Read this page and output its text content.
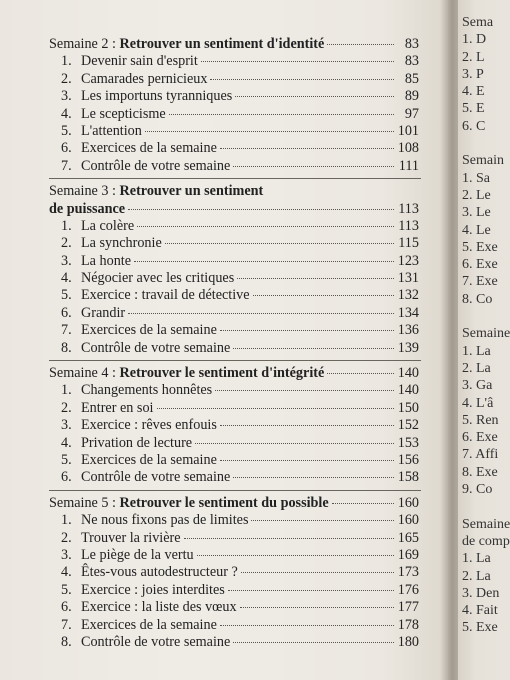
Semaine 2 : Retrouver un sentiment d'identité	83
1. Devenir sain d'esprit	83
2. Camarades pernicieux	85
3. Les importuns tyranniques	89
4. Le scepticisme	97
5. L'attention	101
6. Exercices de la semaine	108
7. Contrôle de votre semaine	111
Semaine 3 : Retrouver un sentiment
de puissance	113
1. La colère	113
2. La synchronie	115
3. La honte	123
4. Négocier avec les critiques	131
5. Exercice : travail de détective	132
6. Grandir	134
7. Exercices de la semaine	136
8. Contrôle de votre semaine	139
Semaine 4 : Retrouver le sentiment d'intégrité	140
1. Changements honnêtes	140
2. Entrer en soi	150
3. Exercice : rêves enfouis	152
4. Privation de lecture	153
5. Exercices de la semaine	156
6. Contrôle de votre semaine	158
Semaine 5 : Retrouver le sentiment du possible	160
1. Ne nous fixons pas de limites	160
2. Trouver la rivière	165
3. Le piège de la vertu	169
4. Êtes-vous autodestructeur ?	173
5. Exercice : joies interdites	176
6. Exercice : la liste des vœux	177
7. Exercices de la semaine	178
8. Contrôle de votre semaine	180
Sema
1. D
2. L
3. P
4. E
5. E
6. C

Semain
1. Sa
2. Le
3. Le
4. Le
5. Exe
6. Exe
7. Exe
8. Co

Semaine
1. La
2. La
3. Ga
4. L'â
5. Ren
6. Exe
7. Affi
8. Exe
9. Co

Semaine
de comp
1. La
2. La
3. Den
4. Fait
5. Exe
